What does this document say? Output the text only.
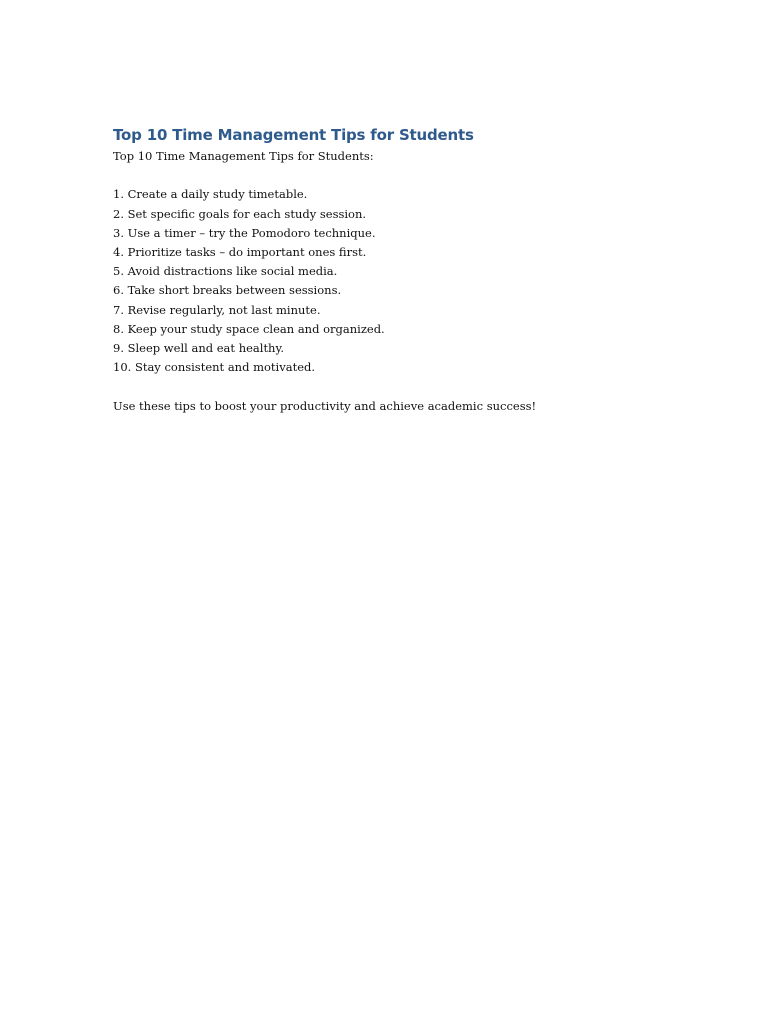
Top 10 Time Management Tips for Students

Top 10 Time Management Tips for Students:

1. Create a daily study timetable.
2. Set specific goals for each study session.
3. Use a timer – try the Pomodoro technique.
4. Prioritize tasks – do important ones first.
5. Avoid distractions like social media.
6. Take short breaks between sessions.
7. Revise regularly, not last minute.
8. Keep your study space clean and organized.
9. Sleep well and eat healthy.
10. Stay consistent and motivated.

Use these tips to boost your productivity and achieve academic success!
